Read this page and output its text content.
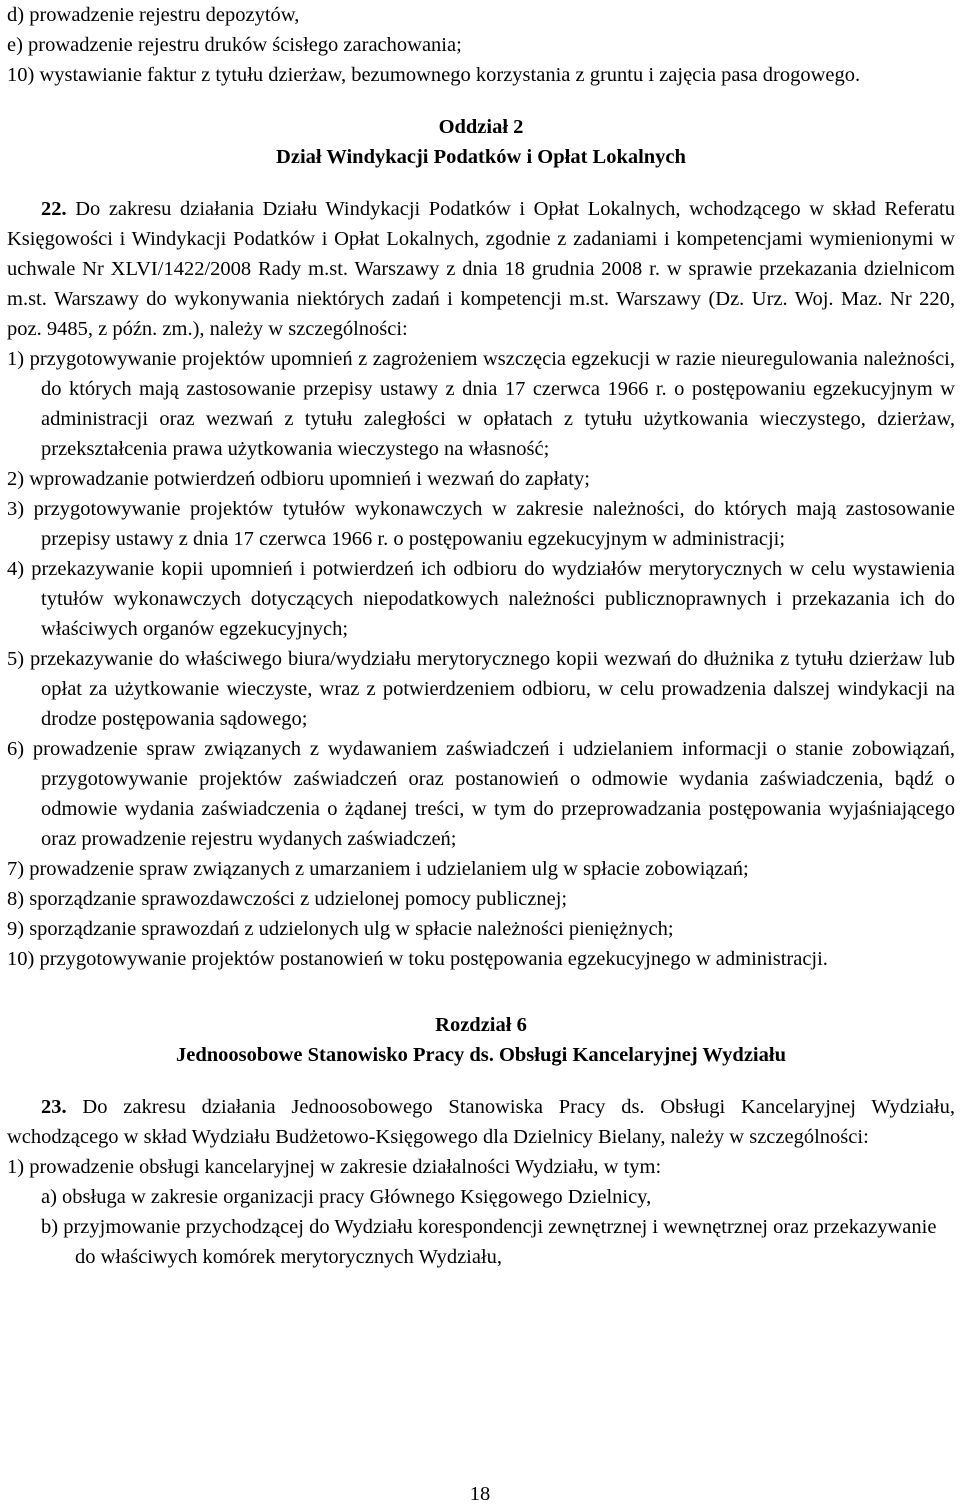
d) prowadzenie rejestru depozytów,
e) prowadzenie rejestru druków ścisłego zarachowania;
10) wystawianie faktur z tytułu dzierżaw, bezumownego korzystania z gruntu i zajęcia pasa drogowego.
Oddział 2
Dział Windykacji Podatków i Opłat Lokalnych
22. Do zakresu działania Działu Windykacji Podatków i Opłat Lokalnych, wchodzącego w skład Referatu Księgowości i Windykacji Podatków i Opłat Lokalnych, zgodnie z zadaniami i kompetencjami wymienionymi w uchwale Nr XLVI/1422/2008 Rady m.st. Warszawy z dnia 18 grudnia 2008 r. w sprawie przekazania dzielnicom m.st. Warszawy do wykonywania niektórych zadań i kompetencji m.st. Warszawy (Dz. Urz. Woj. Maz. Nr 220, poz. 9485, z późn. zm.), należy w szczególności:
1) przygotowywanie projektów upomnień z zagrożeniem wszczęcia egzekucji w razie nieuregulowania należności, do których mają zastosowanie przepisy ustawy z dnia 17 czerwca 1966 r. o postępowaniu egzekucyjnym w administracji oraz wezwań z tytułu zaległości w opłatach z tytułu użytkowania wieczystego, dzierżaw, przekształcenia prawa użytkowania wieczystego na własność;
2) wprowadzanie potwierdzeń odbioru upomnień i wezwań do zapłaty;
3) przygotowywanie projektów tytułów wykonawczych w zakresie należności, do których mają zastosowanie przepisy ustawy z dnia 17 czerwca 1966 r. o postępowaniu egzekucyjnym w administracji;
4) przekazywanie kopii upomnień i potwierdzeń ich odbioru do wydziałów merytorycznych w celu wystawienia tytułów wykonawczych dotyczących niepodatkowych należności publicznoprawnych i przekazania ich do właściwych organów egzekucyjnych;
5) przekazywanie do właściwego biura/wydziału merytorycznego kopii wezwań do dłużnika z tytułu dzierżaw lub opłat za użytkowanie wieczyste, wraz z potwierdzeniem odbioru, w celu prowadzenia dalszej windykacji na drodze postępowania sądowego;
6) prowadzenie spraw związanych z wydawaniem zaświadczeń i udzielaniem informacji o stanie zobowiązań, przygotowywanie projektów zaświadczeń oraz postanowień o odmowie wydania zaświadczenia, bądź o odmowie wydania zaświadczenia o żądanej treści, w tym do przeprowadzania postępowania wyjaśniającego oraz prowadzenie rejestru wydanych zaświadczeń;
7) prowadzenie spraw związanych z umarzaniem i udzielaniem ulg w spłacie zobowiązań;
8) sporządzanie sprawozdawczości z udzielonej pomocy publicznej;
9) sporządzanie sprawozdań z udzielonych ulg w spłacie należności pieniężnych;
10) przygotowywanie projektów postanowień w toku postępowania egzekucyjnego w administracji.
Rozdział 6
Jednoosobowe Stanowisko Pracy ds. Obsługi Kancelaryjnej Wydziału
23. Do zakresu działania Jednoosobowego Stanowiska Pracy ds. Obsługi Kancelaryjnej Wydziału, wchodzącego w skład Wydziału Budżetowo-Księgowego dla Dzielnicy Bielany, należy w szczególności:
1) prowadzenie obsługi kancelaryjnej w zakresie działalności Wydziału, w tym:
a) obsługa w zakresie organizacji pracy Głównego Księgowego Dzielnicy,
b) przyjmowanie przychodzącej do Wydziału korespondencji zewnętrznej i wewnętrznej oraz przekazywanie do właściwych komórek merytorycznych Wydziału,
18
